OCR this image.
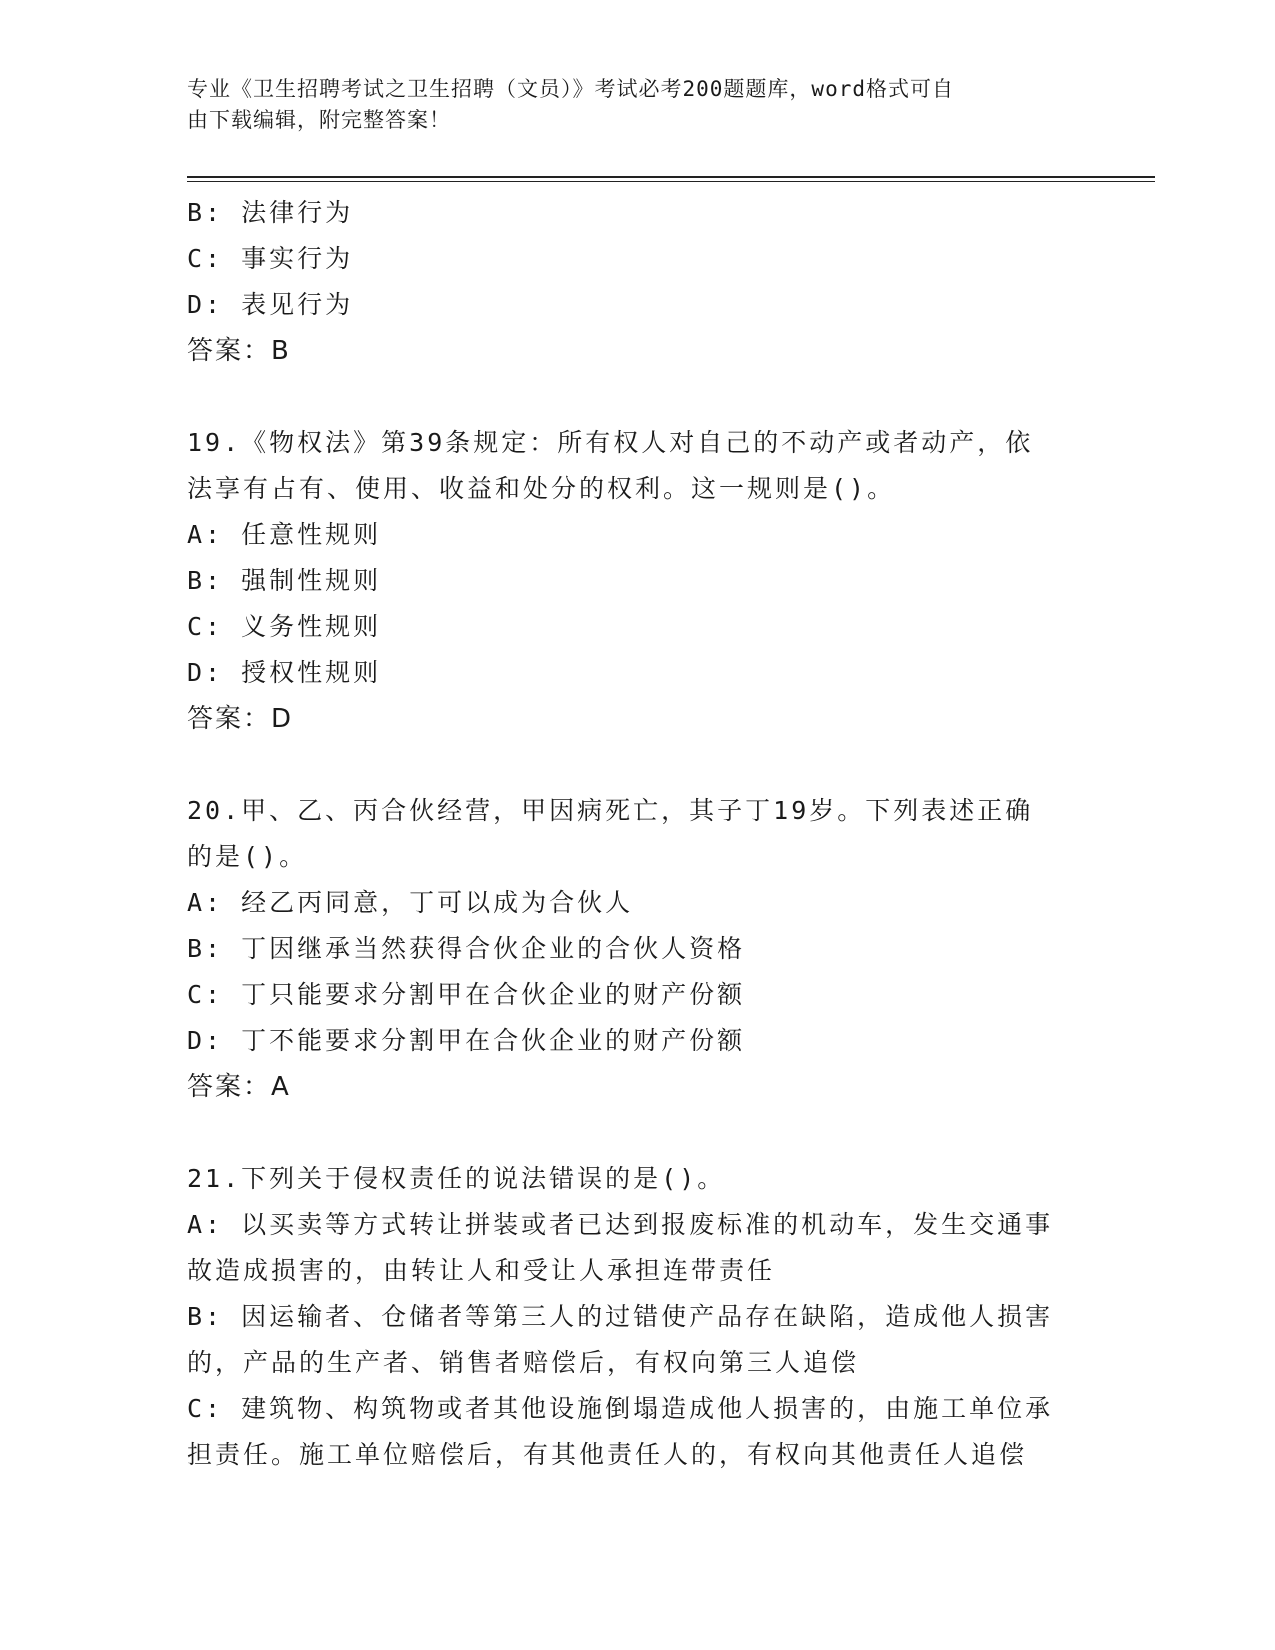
专业《卫生招聘考试之卫生招聘（文员）》考试必考200题题库，word格式可自
由下载编辑，附完整答案！
B: 法律行为
C: 事实行为
D: 表见行为
答案：B
19.《物权法》第39条规定：所有权人对自己的不动产或者动产，依
法享有占有、使用、收益和处分的权利。这一规则是()。
A: 任意性规则
B: 强制性规则
C: 义务性规则
D: 授权性规则
答案：D
20.甲、乙、丙合伙经营，甲因病死亡，其子丁19岁。下列表述正确
的是()。
A: 经乙丙同意，丁可以成为合伙人
B: 丁因继承当然获得合伙企业的合伙人资格
C: 丁只能要求分割甲在合伙企业的财产份额
D: 丁不能要求分割甲在合伙企业的财产份额
答案：A
21.下列关于侵权责任的说法错误的是()。
A: 以买卖等方式转让拼装或者已达到报废标准的机动车，发生交通事
故造成损害的，由转让人和受让人承担连带责任
B: 因运输者、仓储者等第三人的过错使产品存在缺陷，造成他人损害
的，产品的生产者、销售者赔偿后，有权向第三人追偿
C: 建筑物、构筑物或者其他设施倒塌造成他人损害的，由施工单位承
担责任。施工单位赔偿后，有其他责任人的，有权向其他责任人追偿
